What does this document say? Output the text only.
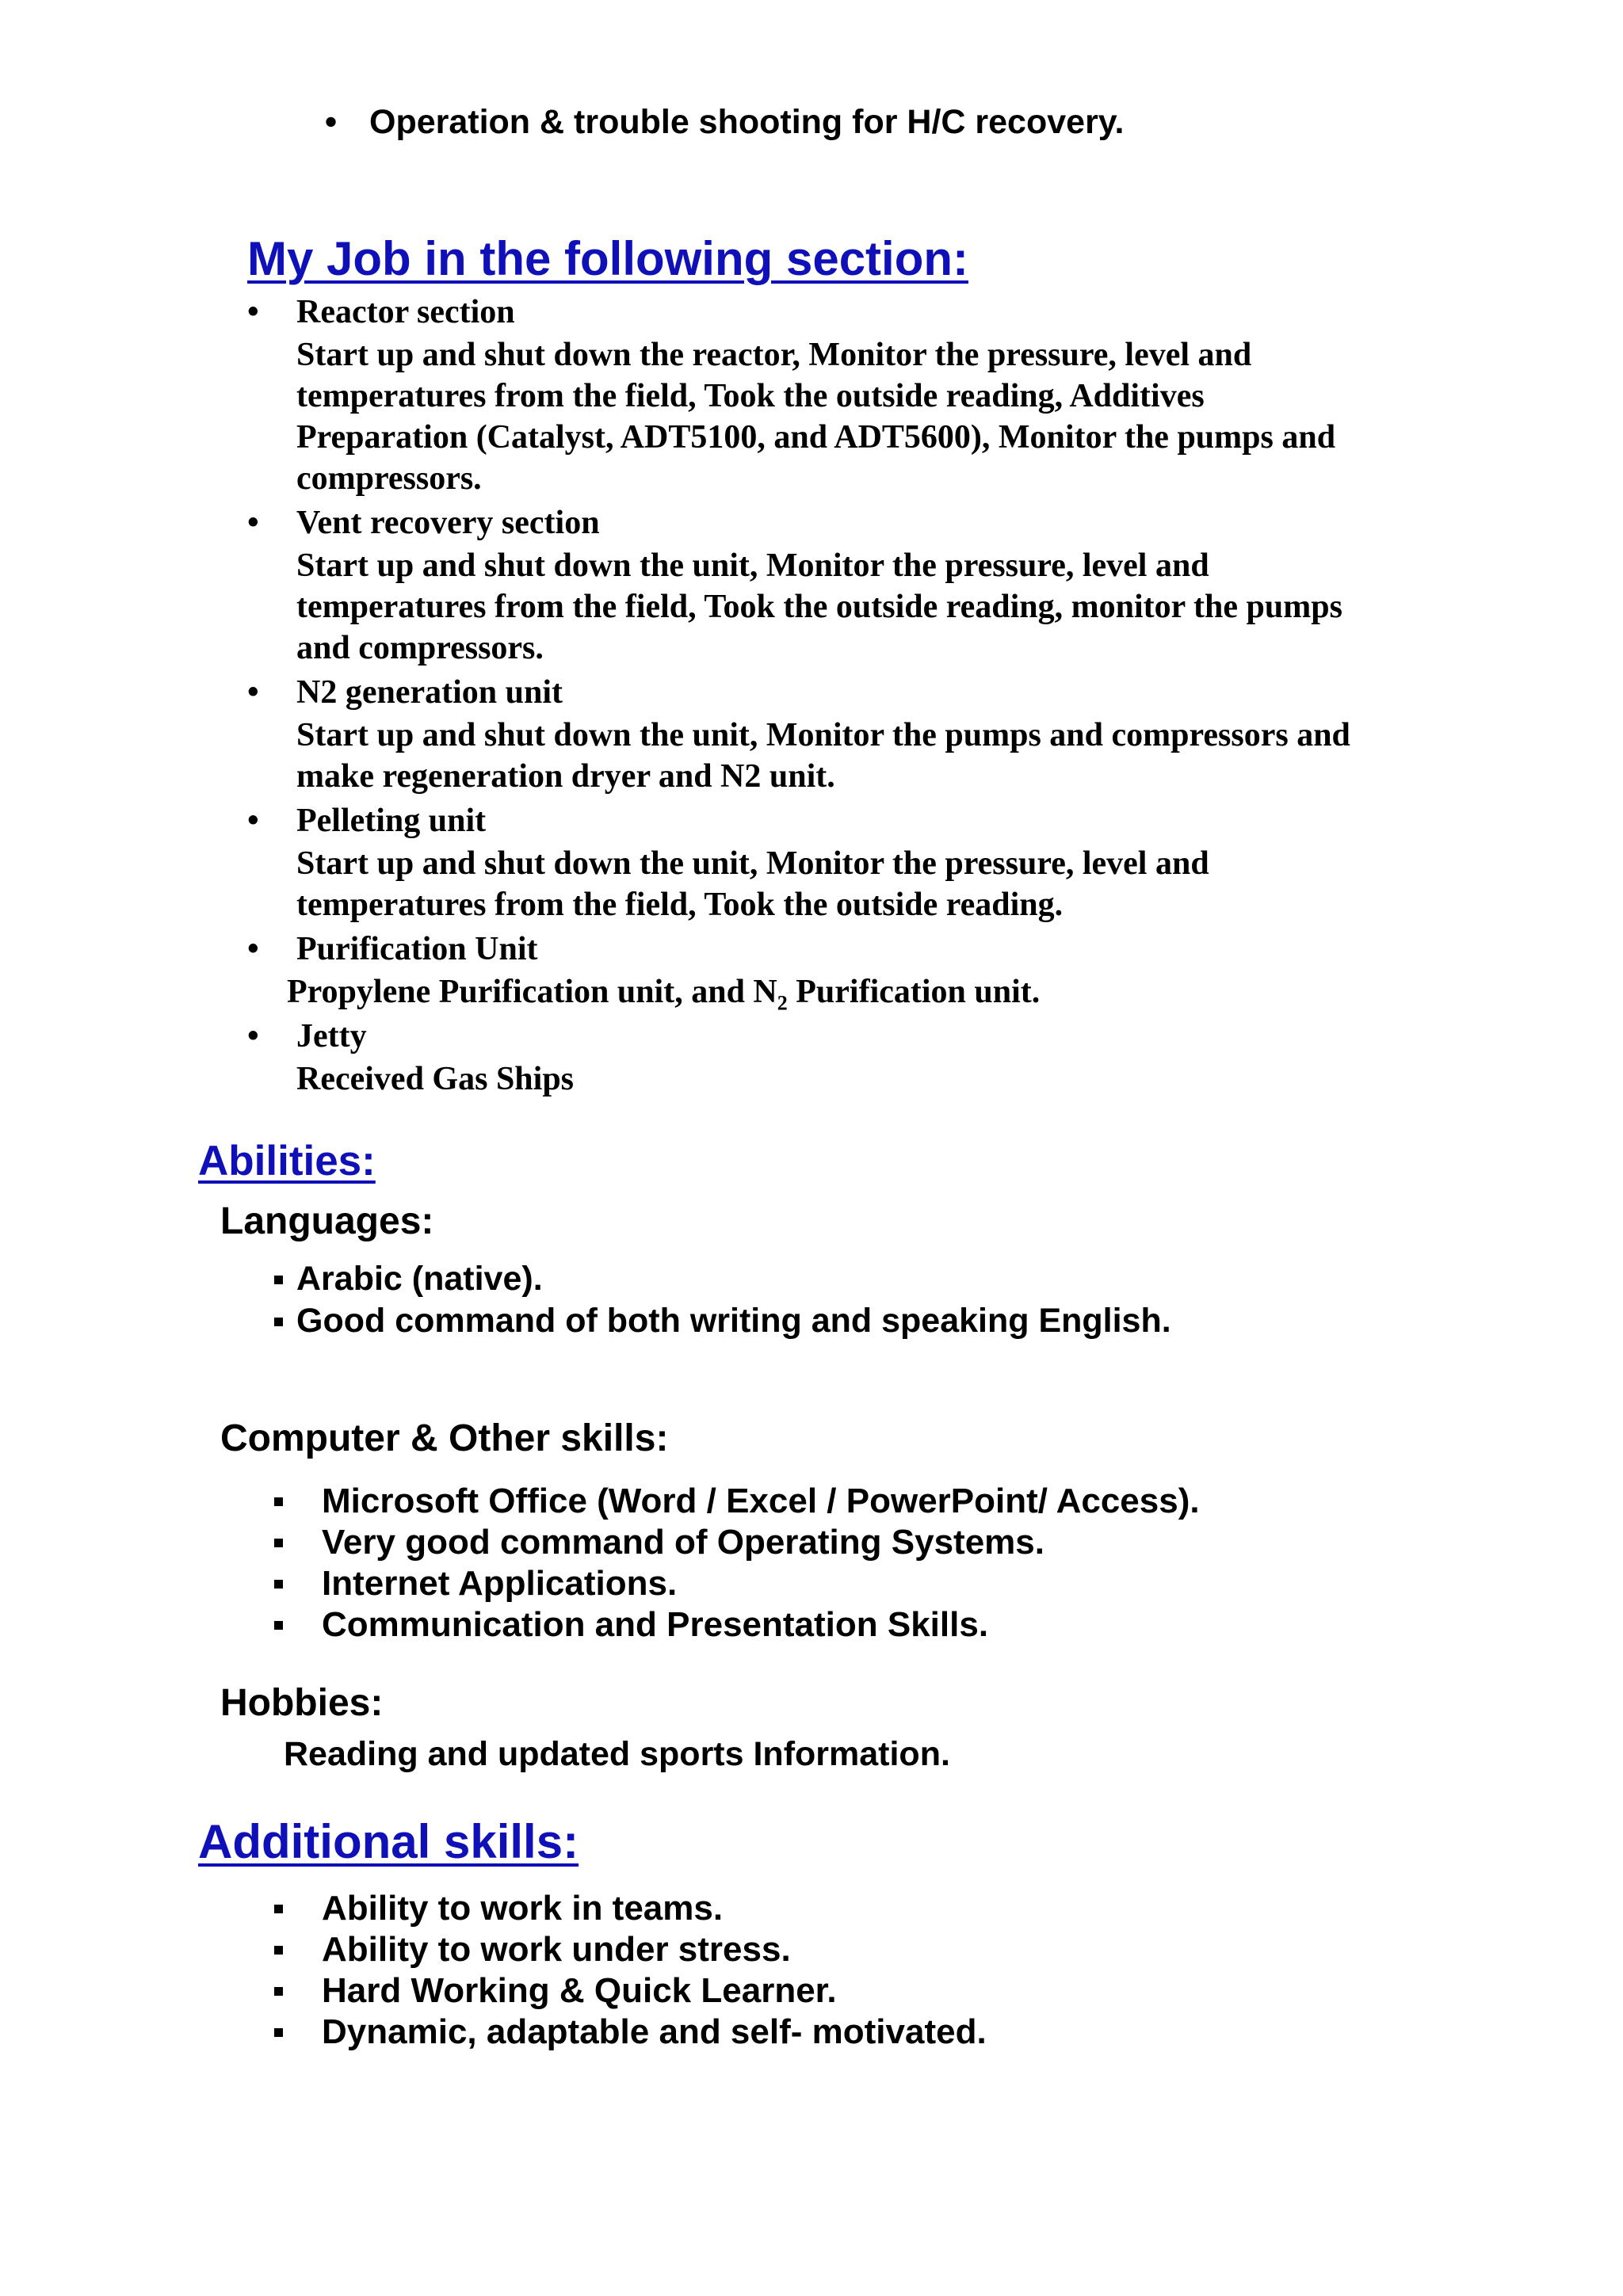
• Operation & trouble shooting for H/C recovery.
My Job in the following section:
• Reactor section
Start up and shut down the reactor, Monitor the pressure, level and
temperatures from the field, Took the outside reading, Additives
Preparation (Catalyst, ADT5100, and ADT5600), Monitor the pumps and
compressors.
• Vent recovery section
Start up and shut down the unit, Monitor the pressure, level and
temperatures from the field, Took the outside reading, monitor the pumps
and compressors.
• N2 generation unit
Start up and shut down the unit, Monitor the pumps and compressors and
make regeneration dryer and N2 unit.
• Pelleting unit
Start up and shut down the unit, Monitor the pressure, level and
temperatures from the field, Took the outside reading.
• Purification Unit
Propylene Purification unit, and $N_2$ Purification unit.
• Jetty
Received Gas Ships
Abilities:
Languages:
Arabic (native).
Good command of both writing and speaking English.
Computer & Other skills:
Microsoft Office (Word / Excel / PowerPoint/ Access).
Very good command of Operating Systems.
Internet Applications.
Communication and Presentation Skills.
Hobbies:
Reading and updated sports Information.
Additional skills:
Ability to work in teams.
Ability to work under stress.
Hard Working & Quick Learner.
Dynamic, adaptable and self- motivated.
